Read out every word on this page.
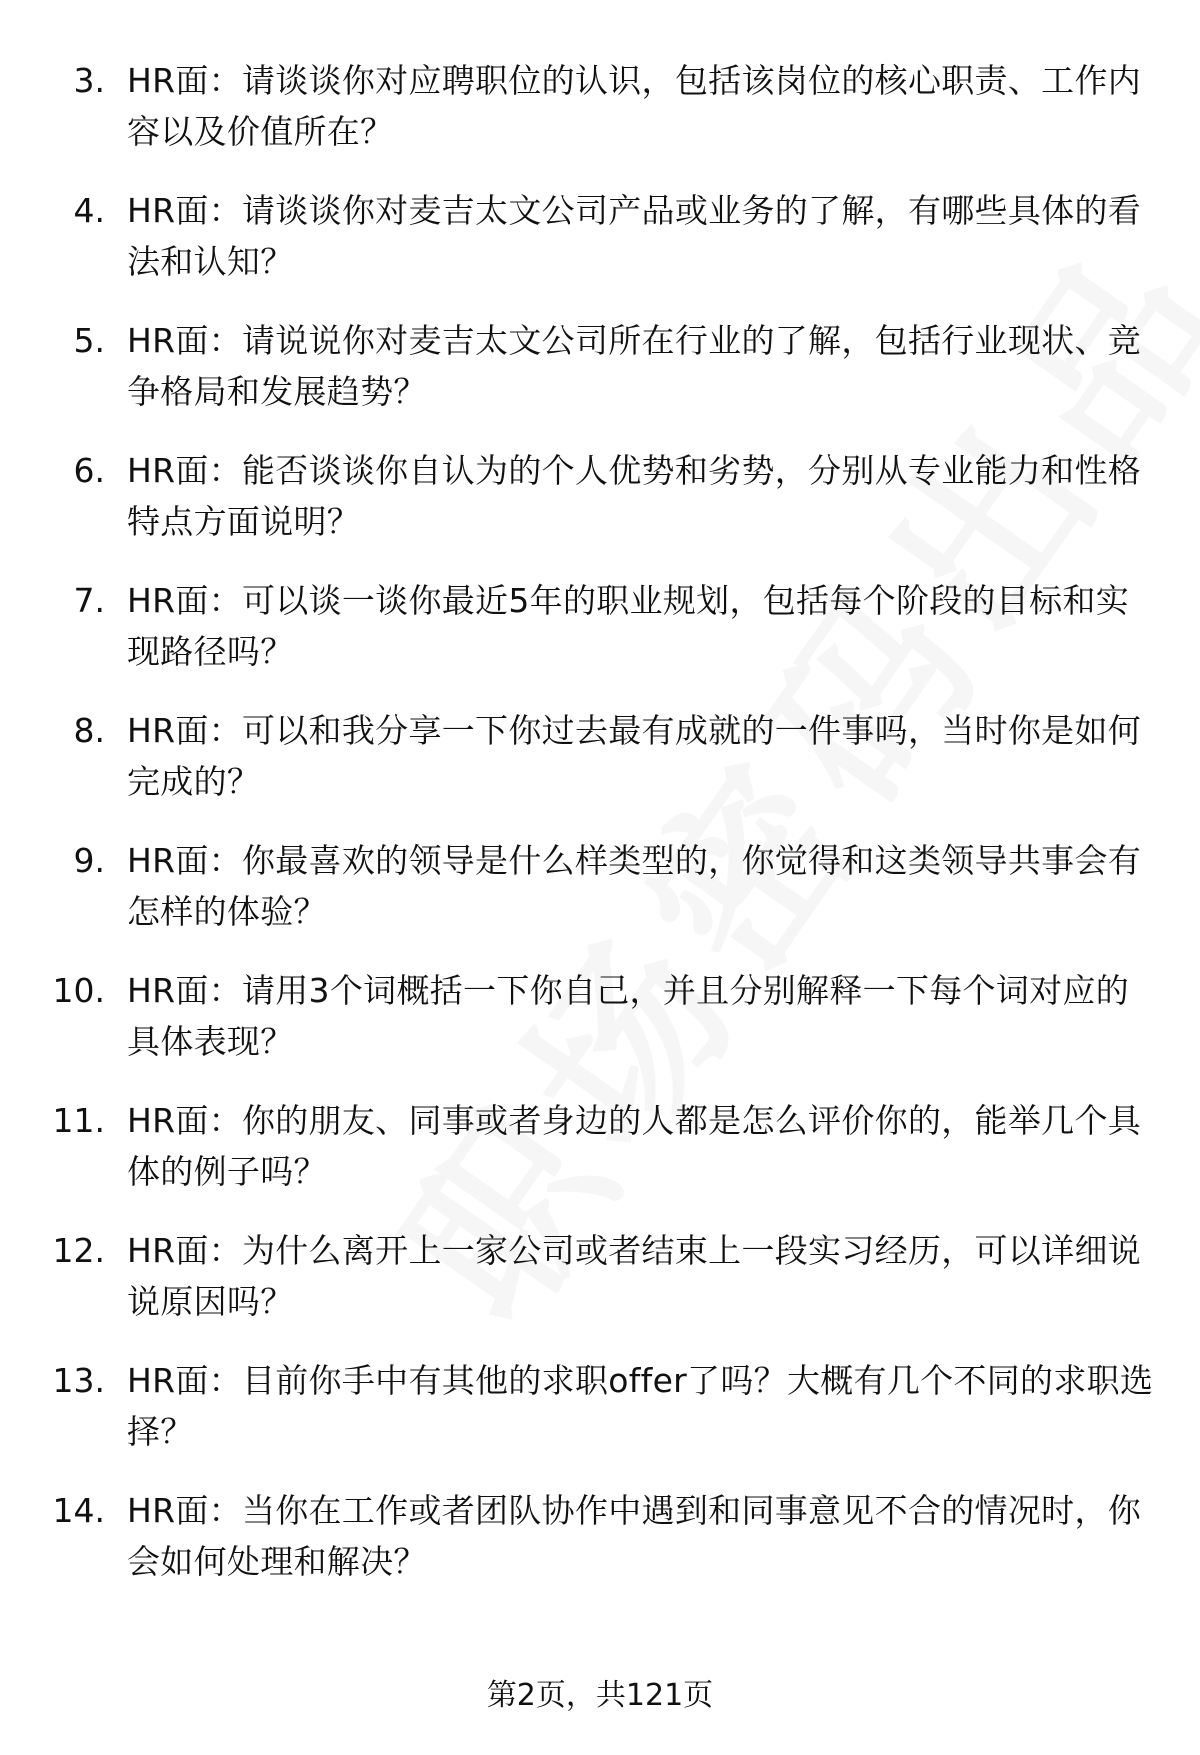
3. HR面：请谈谈你对应聘职位的认识，包括该岗位的核心职责、工作内容以及价值所在？
4. HR面：请谈谈你对麦吉太文公司产品或业务的了解，有哪些具体的看法和认知？
5. HR面：请说说你对麦吉太文公司所在行业的了解，包括行业现状、竞争格局和发展趋势？
6. HR面：能否谈谈你自认为的个人优势和劣势，分别从专业能力和性格特点方面说明？
7. HR面：可以谈一谈你最近5年的职业规划，包括每个阶段的目标和实现路径吗？
8. HR面：可以和我分享一下你过去最有成就的一件事吗，当时你是如何完成的？
9. HR面：你最喜欢的领导是什么样类型的，你觉得和这类领导共事会有怎样的体验？
10. HR面：请用3个词概括一下你自己，并且分别解释一下每个词对应的具体表现？
11. HR面：你的朋友、同事或者身边的人都是怎么评价你的，能举几个具体的例子吗？
12. HR面：为什么离开上一家公司或者结束上一段实习经历，可以详细说说原因吗？
13. HR面：目前你手中有其他的求职offer了吗？大概有几个不同的求职选择？
14. HR面：当你在工作或者团队协作中遇到和同事意见不合的情况时，你会如何处理和解决？
第2页，共121页
